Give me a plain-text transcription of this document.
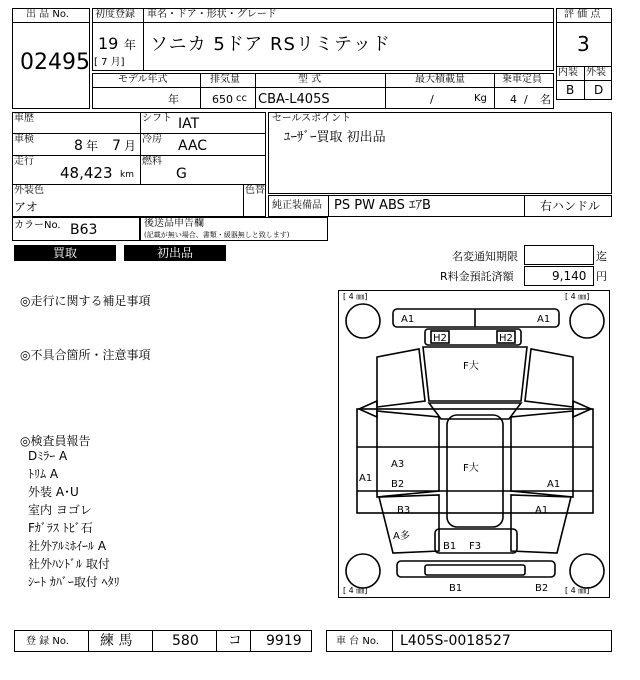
出 品 No.
02495
初度登録 車名・ドア・形状・グレード
19 年
[ 7 月]
ソニカ 5ドア RSリミテッド
評 価 点
3
内装 外装
B D
モデル年式	排気量	型 式	最大積載量	乗車定員
年	650 cc CBA-L405S	/	Kg 4 / 名
車歴	シフト IAT
車検	8 年 7 月 冷房 AAC
走行
48,423 km
燃料
G
外装色
アオ
色替
カラーNo. B63	後送品申告欄
(記載が無い場合、書類・緩器無しと致します)
セールスポイント
ﾕｰｻﾞｰ買取 初出品
純正装備品 PS PW ABS ｴｱB	右ハンドル
買取	初出品	名変通知期限	迄
R料金預託済額	9,140 円
◎走行に関する補足事項
◎不具合箇所・注意事項
◎検査員報告
Dﾐﾗｰ A
ﾄﾘﾑ A
外装 A･U
室内 ヨゴレ
Fｶﾞﾗｽ ﾄﾋﾞ石
社外ｱﾙﾐﾎｲｰﾙ A
社外ﾊﾝﾄﾞﾙ 取付
ｼｰﾄ ｶﾊﾞｰ取付 ﾍﾀﾘ
[ 4 ㎜]	[ 4 ㎜]
[ 4 ㎜]	[ 4 ㎜]
A1	A1
H2	H2
F大
F大
A1
A3
B2	A1
B3
A多
A1
B1 F3
B1	B2
登 録 No. 練 馬	580 コ 9919	車 台 No. L405S-0018527
